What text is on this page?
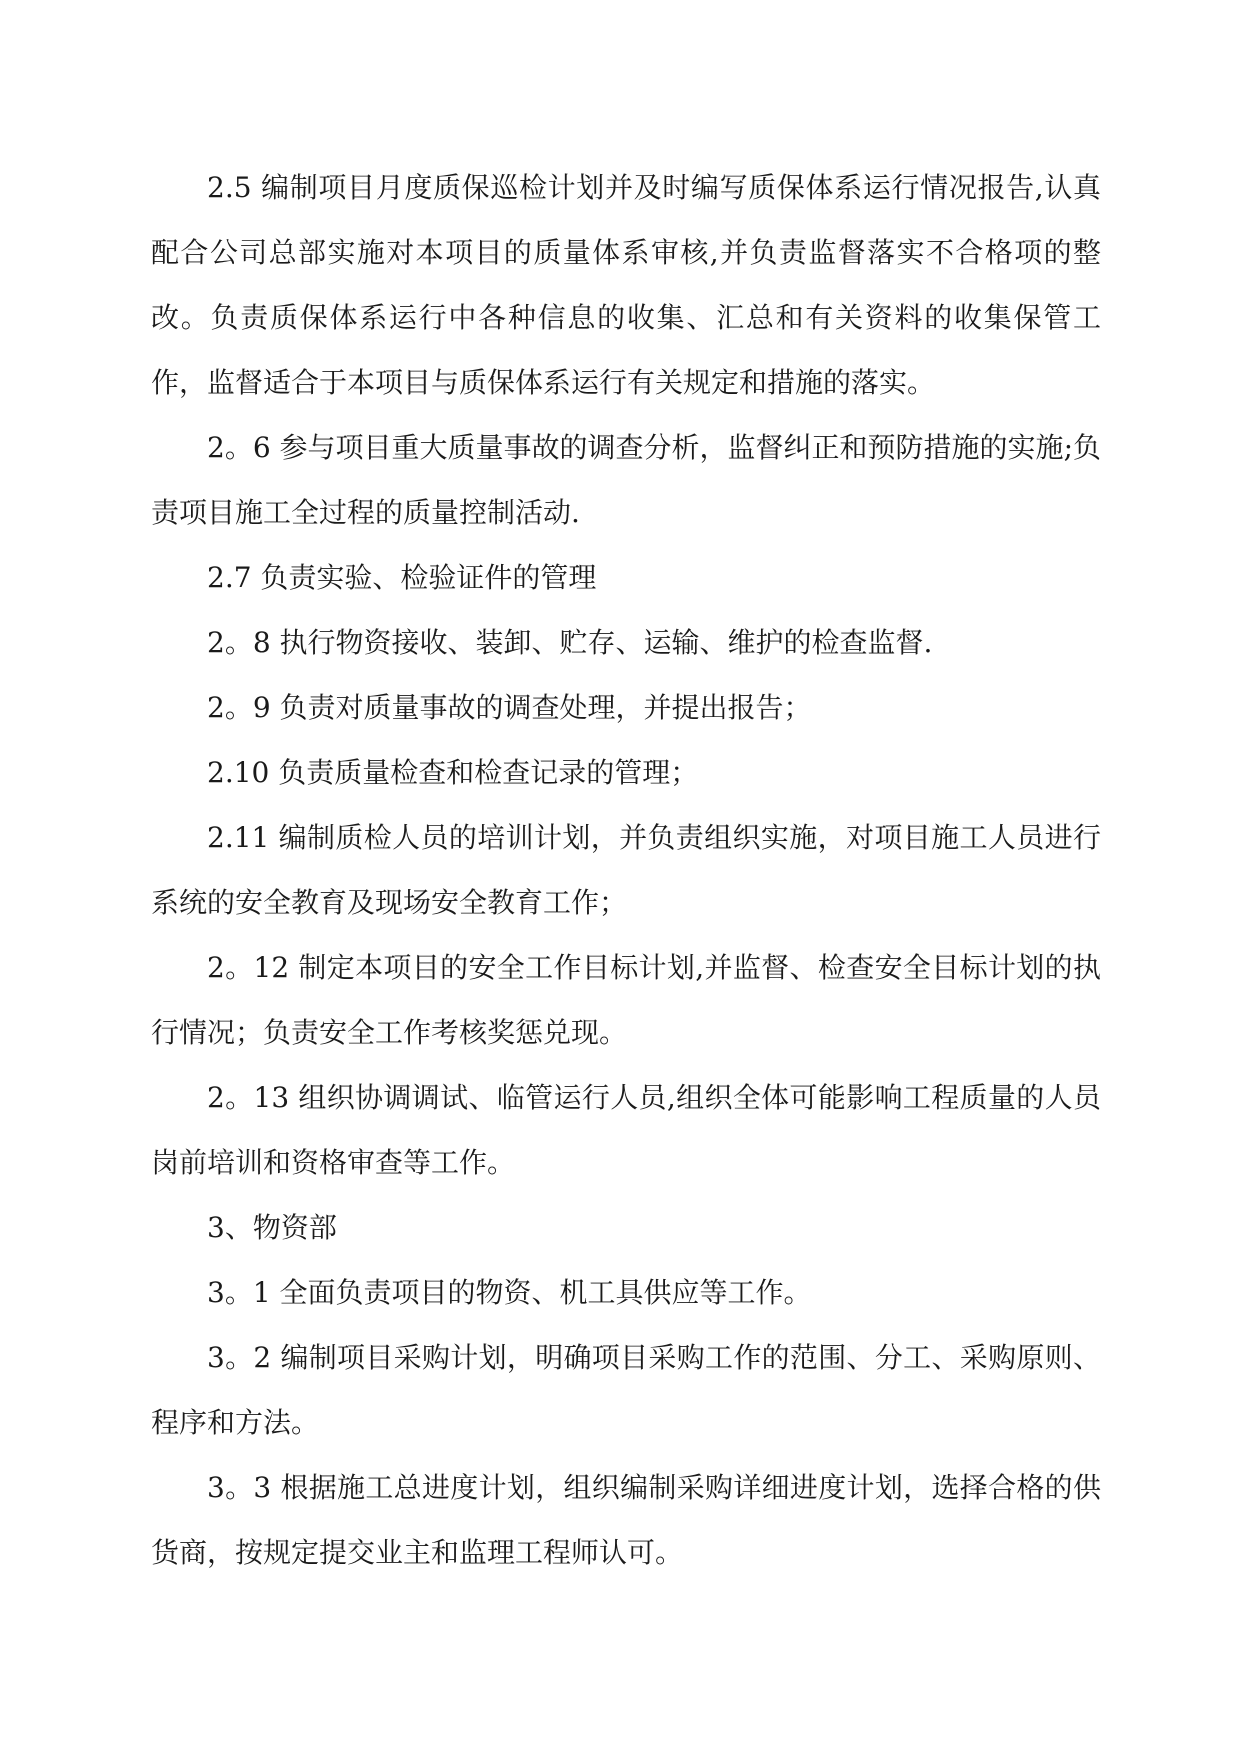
2.5 编制项目月度质保巡检计划并及时编写质保体系运行情况报告,认真配合公司总部实施对本项目的质量体系审核,并负责监督落实不合格项的整改。负责质保体系运行中各种信息的收集、汇总和有关资料的收集保管工作，监督适合于本项目与质保体系运行有关规定和措施的落实。

2。6 参与项目重大质量事故的调查分析，监督纠正和预防措施的实施;负责项目施工全过程的质量控制活动.

2.7 负责实验、检验证件的管理

2。8 执行物资接收、装卸、贮存、运输、维护的检查监督.

2。9 负责对质量事故的调查处理，并提出报告；

2.10 负责质量检查和检查记录的管理；

2.11 编制质检人员的培训计划，并负责组织实施，对项目施工人员进行系统的安全教育及现场安全教育工作；

2。12 制定本项目的安全工作目标计划,并监督、检查安全目标计划的执行情况；负责安全工作考核奖惩兑现。

2。13 组织协调调试、临管运行人员,组织全体可能影响工程质量的人员岗前培训和资格审查等工作。

3、物资部

3。1 全面负责项目的物资、机工具供应等工作。

3。2 编制项目采购计划，明确项目采购工作的范围、分工、采购原则、程序和方法。

3。3 根据施工总进度计划，组织编制采购详细进度计划，选择合格的供货商，按规定提交业主和监理工程师认可。
